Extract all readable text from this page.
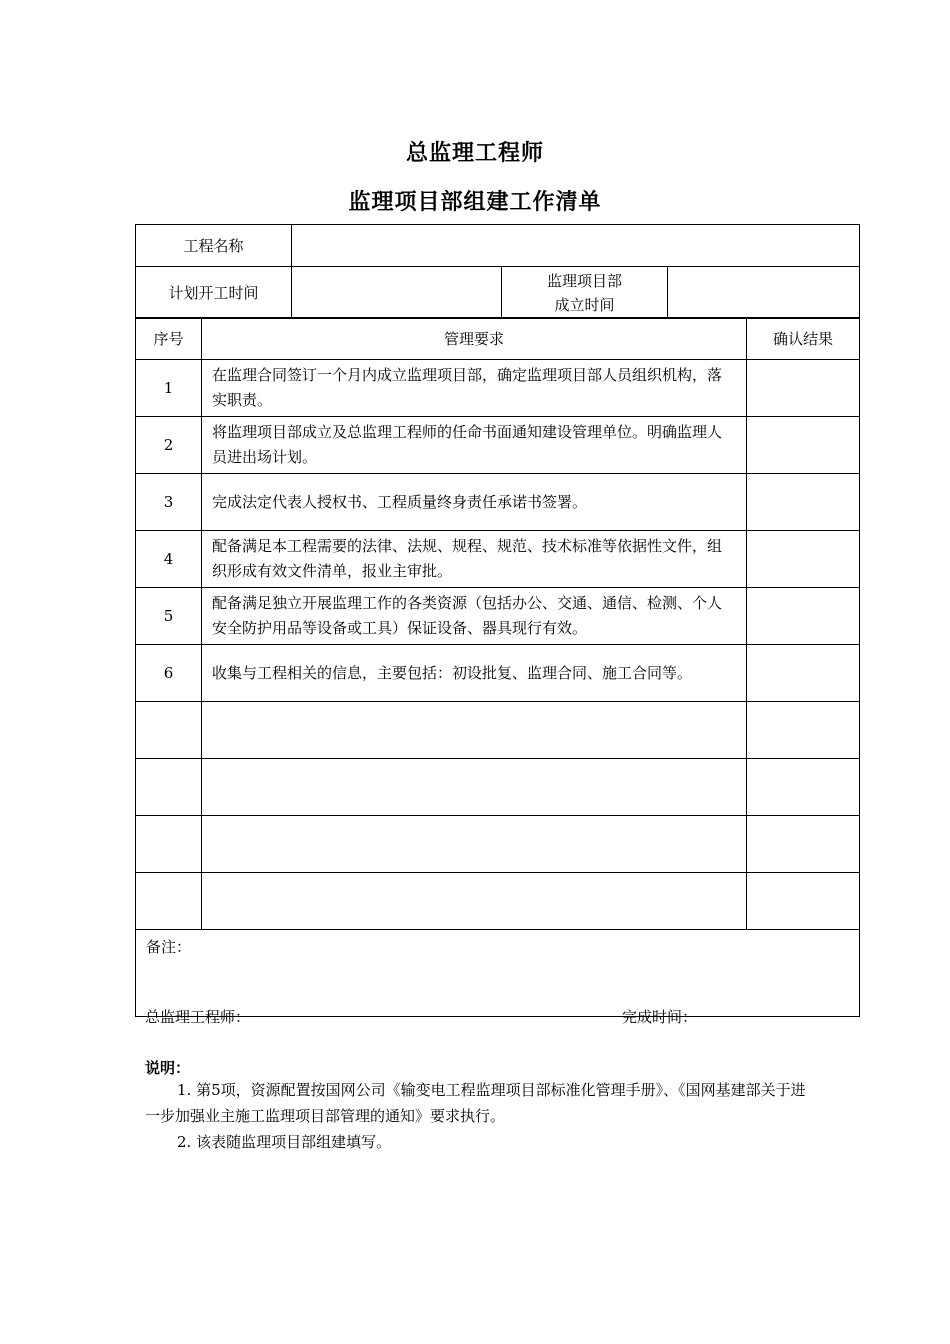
总监理工程师
监理项目部组建工作清单
工程名称			
计划开工时间		监理项目部
成立时间	

序号	管理要求	确认结果
1	在监理合同签订一个月内成立监理项目部，确定监理项目部人员组织机构，落实职责。	
2	将监理项目部成立及总监理工程师的任命书面通知建设管理单位。明确监理人员进出场计划。	
3	完成法定代表人授权书、工程质量终身责任承诺书签署。	
4	配备满足本工程需要的法律、法规、规程、规范、技术标准等依据性文件，组织形成有效文件清单，报业主审批。	
5	配备满足独立开展监理工作的各类资源（包括办公、交通、通信、检测、个人安全防护用品等设备或工具）保证设备、器具现行有效。	
6	收集与工程相关的信息，主要包括：初设批复、监理合同、施工合同等。	

备注：		
总监理工程师：	完成时间：
说明：
1. 第5项，资源配置按国网公司《输变电工程监理项目部标准化管理手册》、《国网基建部关于进一步加强业主施工监理项目部管理的通知》要求执行。
2. 该表随监理项目部组建填写。
